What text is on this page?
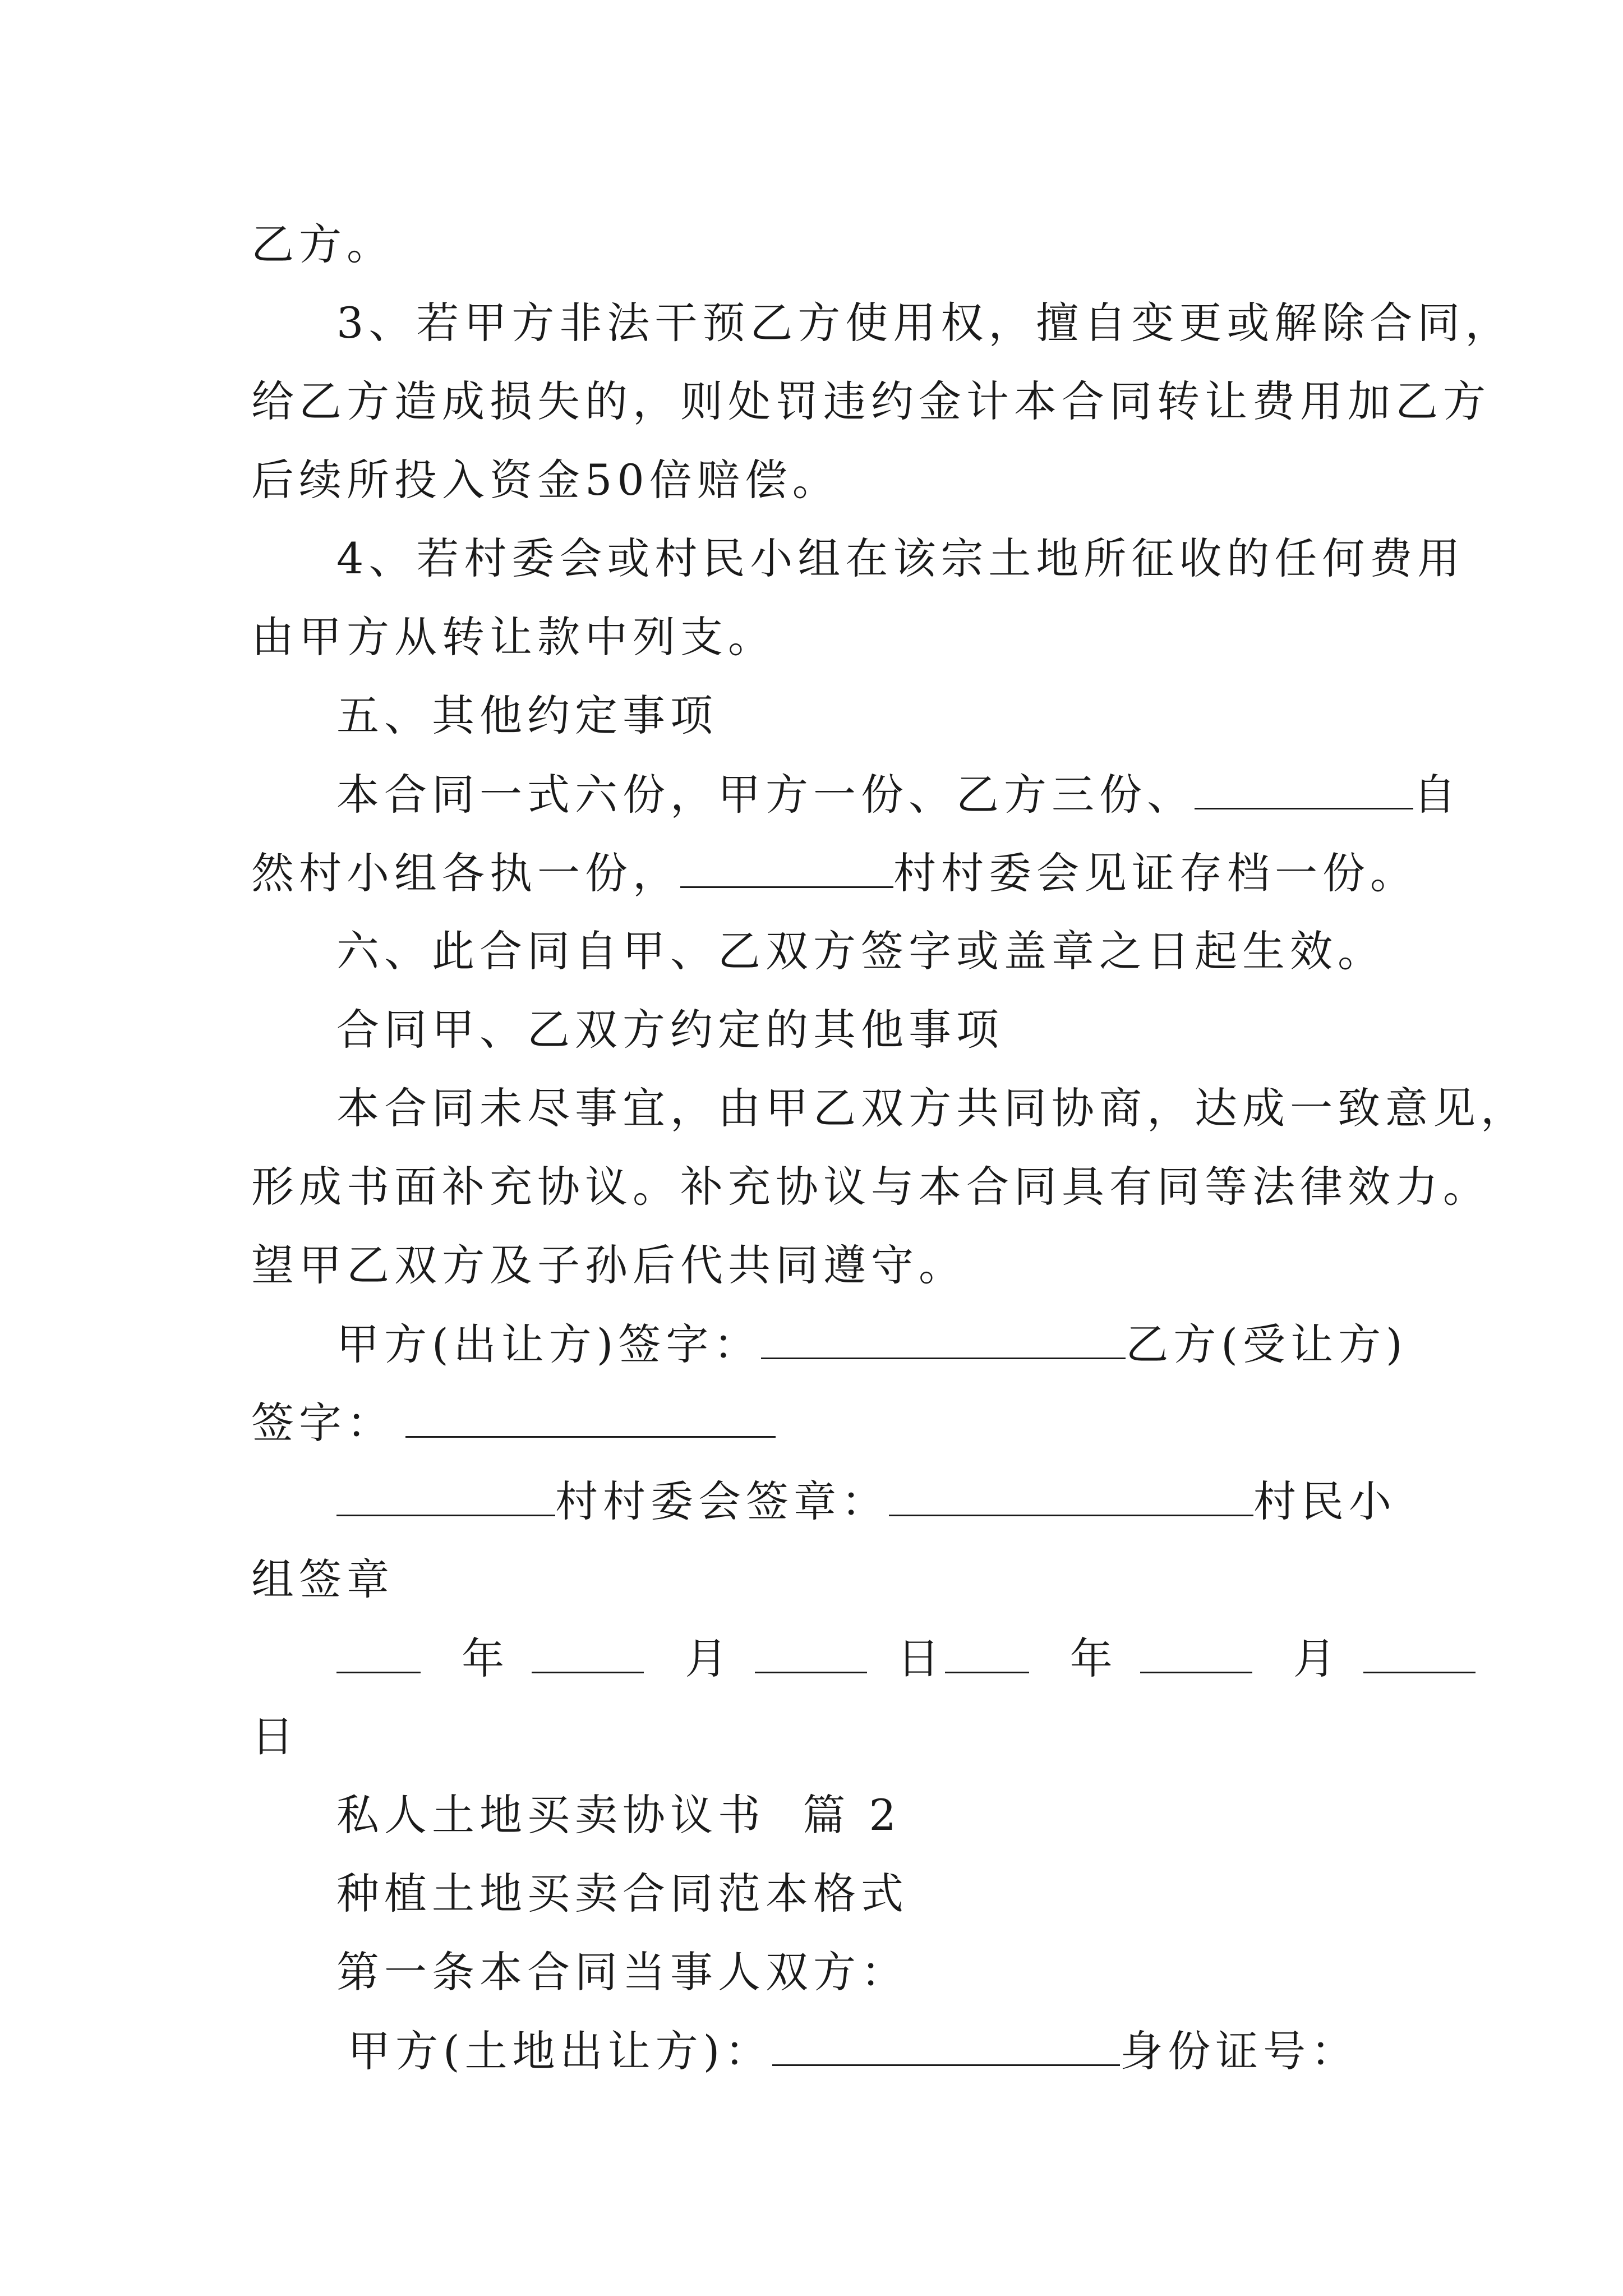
乙方。
3、若甲方非法干预乙方使用权，擅自变更或解除合同，
给乙方造成损失的，则处罚违约金计本合同转让费用加乙方
后续所投入资金50倍赔偿。
4、若村委会或村民小组在该宗土地所征收的任何费用
由甲方从转让款中列支。
五、其他约定事项
本合同一式六份，甲方一份、乙方三份、	自
然村小组各执一份，	村村委会见证存档一份。
六、此合同自甲、乙双方签字或盖章之日起生效。
合同甲、乙双方约定的其他事项
本合同未尽事宜，由甲乙双方共同协商，达成一致意见，
形成书面补充协议。补充协议与本合同具有同等法律效力。
望甲乙双方及子孙后代共同遵守。
甲方(出让方)签字：	乙方(受让方)
签字：
村村委会签章：	村民小
组签章
年	月	日	年	月
日
私人土地买卖协议书  篇 2
种植土地买卖合同范本格式
第一条本合同当事人双方：
甲方(土地出让方)：	身份证号：
